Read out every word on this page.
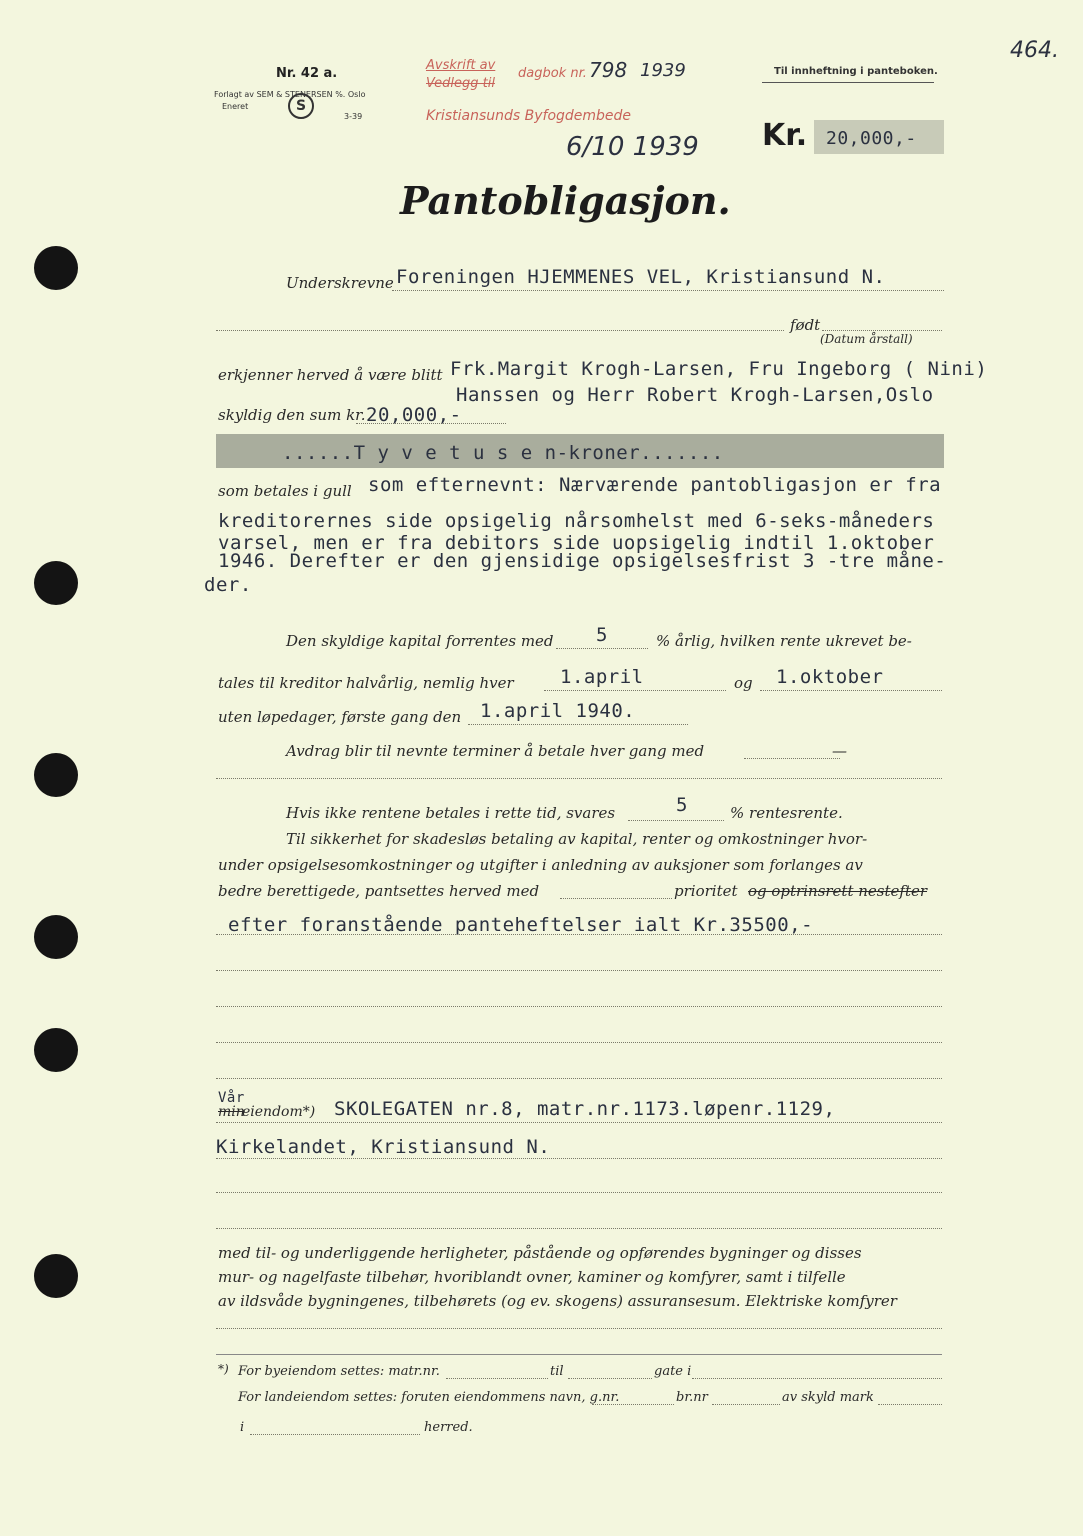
464.
Nr. 42 a.
Forlagt av SEM & STENERSEN %. Oslo
Eneret	S
3-39
Til innheftning i panteboken.
Avskrift av
Vedlegg til
dagbok nr. 798 1939
Kristiansunds Byfogdembede
6/10 1939 Kr. 20,000,-
Pantobligasjon.
Underskrevne Foreningen HJEMMENES VEL, Kristiansund N.
født
(Datum årstall)
erkjenner herved å være blitt Frk.Margit Krogh-Larsen, Fru Ingeborg ( Nini)
Hanssen og Herr Robert Krogh-Larsen,Oslo
skyldig den sum kr. 20,000,-
......T y v e t u s e n-kroner.......
som betales i gull som efternevnt: Nærværende pantobligasjon er fra
kreditorernes side opsigelig nårsomhelst med 6-seks-måneders
varsel, men er fra debitors side uopsigelig indtil 1.oktober
1946. Derefter er den gjensidige opsigelsesfrist 3 -tre måne-
der.
Den skyldige kapital forrentes med 5	% årlig, hvilken rente ukrevet be-
tales til kreditor halvårlig, nemlig hver 1.april	og 1.oktober
uten løpedager, første gang den 1.april 1940.
Avdrag blir til nevnte terminer å betale hver gang med	—
Hvis ikke rentene betales i rette tid, svares	5	% rentesrente.
Til sikkerhet for skadesløs betaling av kapital, renter og omkostninger hvor-
under opsigelsesomkostninger og utgifter i anledning av auksjoner som forlanges av
bedre berettigede, pantsettes herved med	prioritet og optrinsrett nestefter
efter foranstående panteheftelser ialt Kr.35500,-
Vår
min
eiendom*) SKOLEGATEN nr.8, matr.nr.1173.løpenr.1129,
Kirkelandet, Kristiansund N.
med til- og underliggende herligheter, påstående og opførendes bygninger og disses
mur- og nagelfaste tilbehør, hvoriblandt ovner, kaminer og komfyrer, samt i tilfelle
av ildsvåde bygningenes, tilbehørets (og ev. skogens) assuransesum. Elektriske komfyrer
*) For byeiendom settes: matr.nr.	til	gate i
For landeiendom settes: foruten eiendommens navn, g.nr.	br.nr	av skyld mark
i	herred.
